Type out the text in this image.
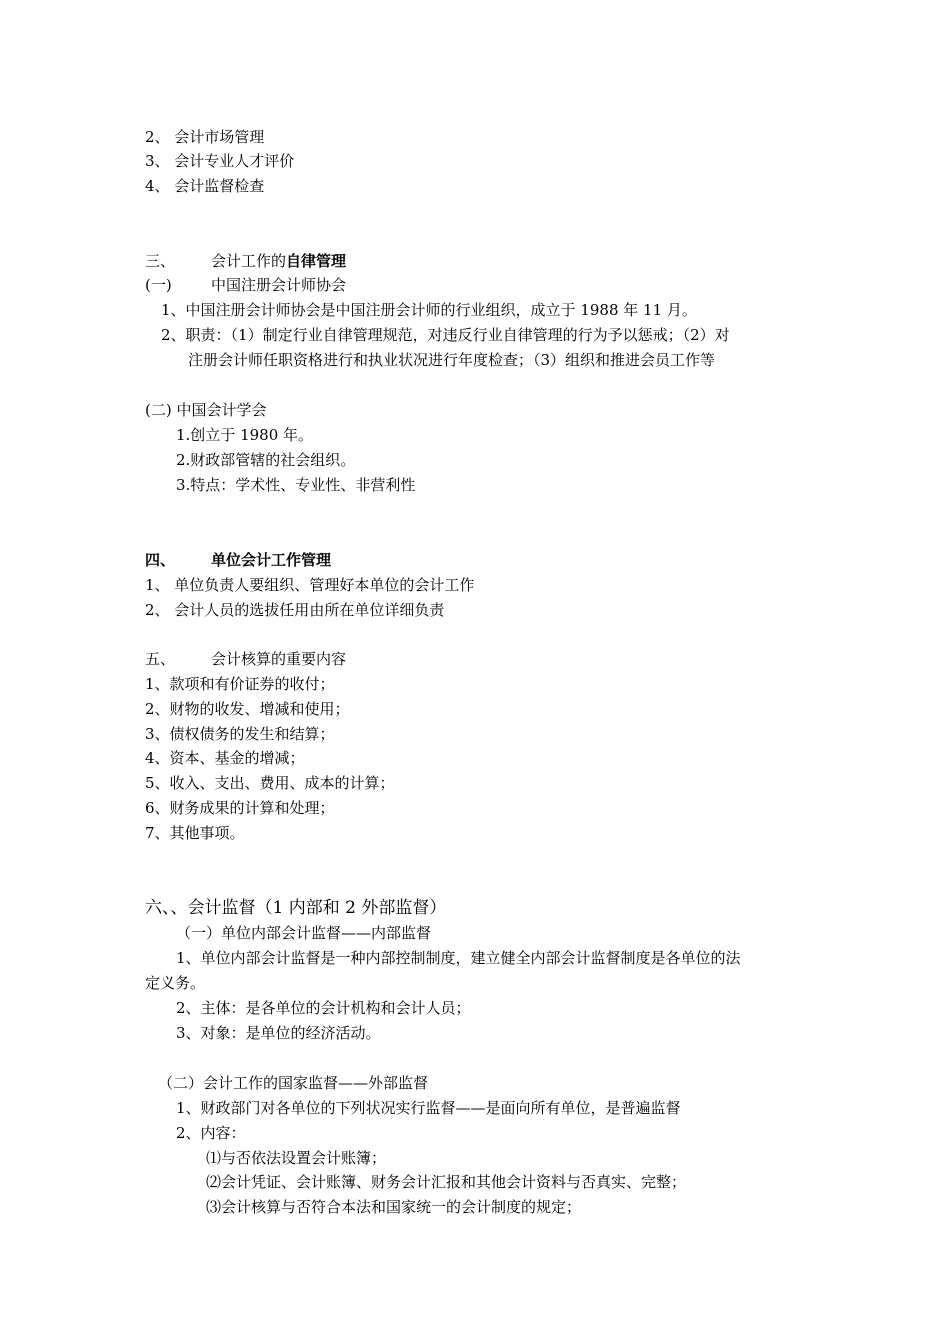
2、 会计市场管理
3、 会计专业人才评价
4、 会计监督检查
三、 会计工作的自律管理
(一)	中国注册会计师协会
1、中国注册会计师协会是中国注册会计师的行业组织，成立于 1988 年 11 月。
2、职责：（1）制定行业自律管理规范，对违反行业自律管理的行为予以惩戒；（2）对
注册会计师任职资格进行和执业状况进行年度检查；（3）组织和推进会员工作等
(二) 中国会计学会
1.创立于 1980 年。
2.财政部管辖的社会组织。
3.特点：学术性、专业性、非营利性
四、 单位会计工作管理
1、 单位负责人要组织、管理好本单位的会计工作
2、 会计人员的选拔任用由所在单位详细负责
五、 会计核算的重要内容
1、款项和有价证券的收付；
2、财物的收发、增减和使用；
3、债权债务的发生和结算；
4、资本、基金的增减；
5、收入、支出、费用、成本的计算；
6、财务成果的计算和处理；
7、其他事项。
六、、会计监督（1 内部和 2 外部监督）
（一）单位内部会计监督——内部监督
1、单位内部会计监督是一种内部控制制度，建立健全内部会计监督制度是各单位的法
定义务。
2、主体：是各单位的会计机构和会计人员；
3、对象：是单位的经济活动。
（二）会计工作的国家监督——外部监督
1、财政部门对各单位的下列状况实行监督——是面向所有单位，是普遍监督
2、内容：
⑴与否依法设置会计账簿；
⑵会计凭证、会计账簿、财务会计汇报和其他会计资料与否真实、完整；
⑶会计核算与否符合本法和国家统一的会计制度的规定；
